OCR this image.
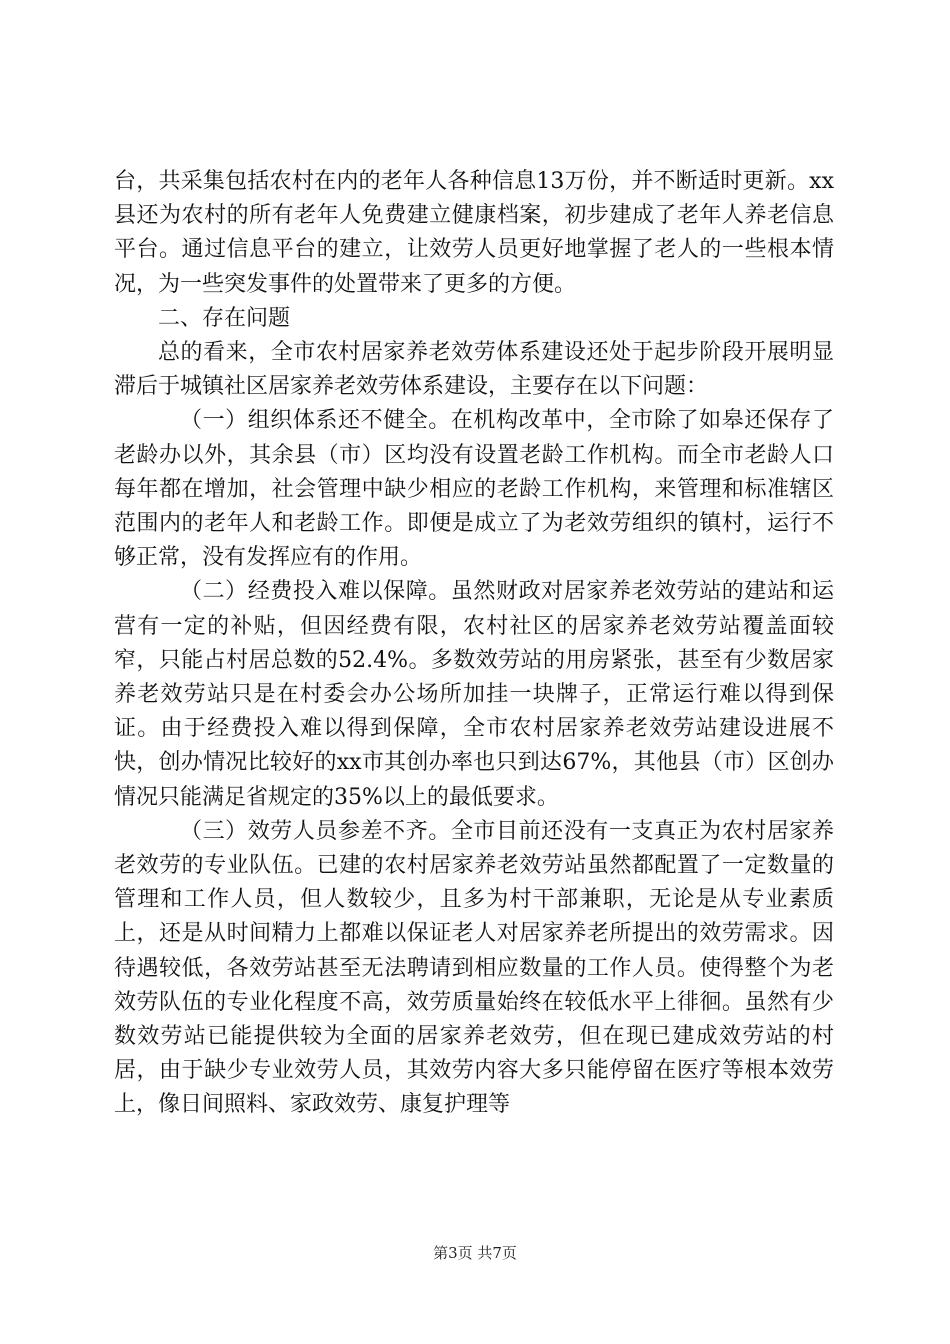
台，共采集包括农村在内的老年人各种信息13万份，并不断适时更新。xx县还为农村的所有老年人免费建立健康档案，初步建成了老年人养老信息平台。通过信息平台的建立，让效劳人员更好地掌握了老人的一些根本情况，为一些突发事件的处置带来了更多的方便。

二、存在问题

总的看来，全市农村居家养老效劳体系建设还处于起步阶段开展明显滞后于城镇社区居家养老效劳体系建设，主要存在以下问题：

（一）组织体系还不健全。在机构改革中，全市除了如皋还保存了老龄办以外，其余县（市）区均没有设置老龄工作机构。而全市老龄人口每年都在增加，社会管理中缺少相应的老龄工作机构，来管理和标准辖区范围内的老年人和老龄工作。即便是成立了为老效劳组织的镇村，运行不够正常，没有发挥应有的作用。

（二）经费投入难以保障。虽然财政对居家养老效劳站的建站和运营有一定的补贴，但因经费有限，农村社区的居家养老效劳站覆盖面较窄，只能占村居总数的52.4%。多数效劳站的用房紧张，甚至有少数居家养老效劳站只是在村委会办公场所加挂一块牌子，正常运行难以得到保证。由于经费投入难以得到保障，全市农村居家养老效劳站建设进展不快，创办情况比较好的xx市其创办率也只到达67%，其他县（市）区创办情况只能满足省规定的35%以上的最低要求。

（三）效劳人员参差不齐。全市目前还没有一支真正为农村居家养老效劳的专业队伍。已建的农村居家养老效劳站虽然都配置了一定数量的管理和工作人员，但人数较少，且多为村干部兼职，无论是从专业素质上，还是从时间精力上都难以保证老人对居家养老所提出的效劳需求。因待遇较低，各效劳站甚至无法聘请到相应数量的工作人员。使得整个为老效劳队伍的专业化程度不高，效劳质量始终在较低水平上徘徊。虽然有少数效劳站已能提供较为全面的居家养老效劳，但在现已建成效劳站的村居，由于缺少专业效劳人员，其效劳内容大多只能停留在医疗等根本效劳上，像日间照料、家政效劳、康复护理等

第3页 共7页
